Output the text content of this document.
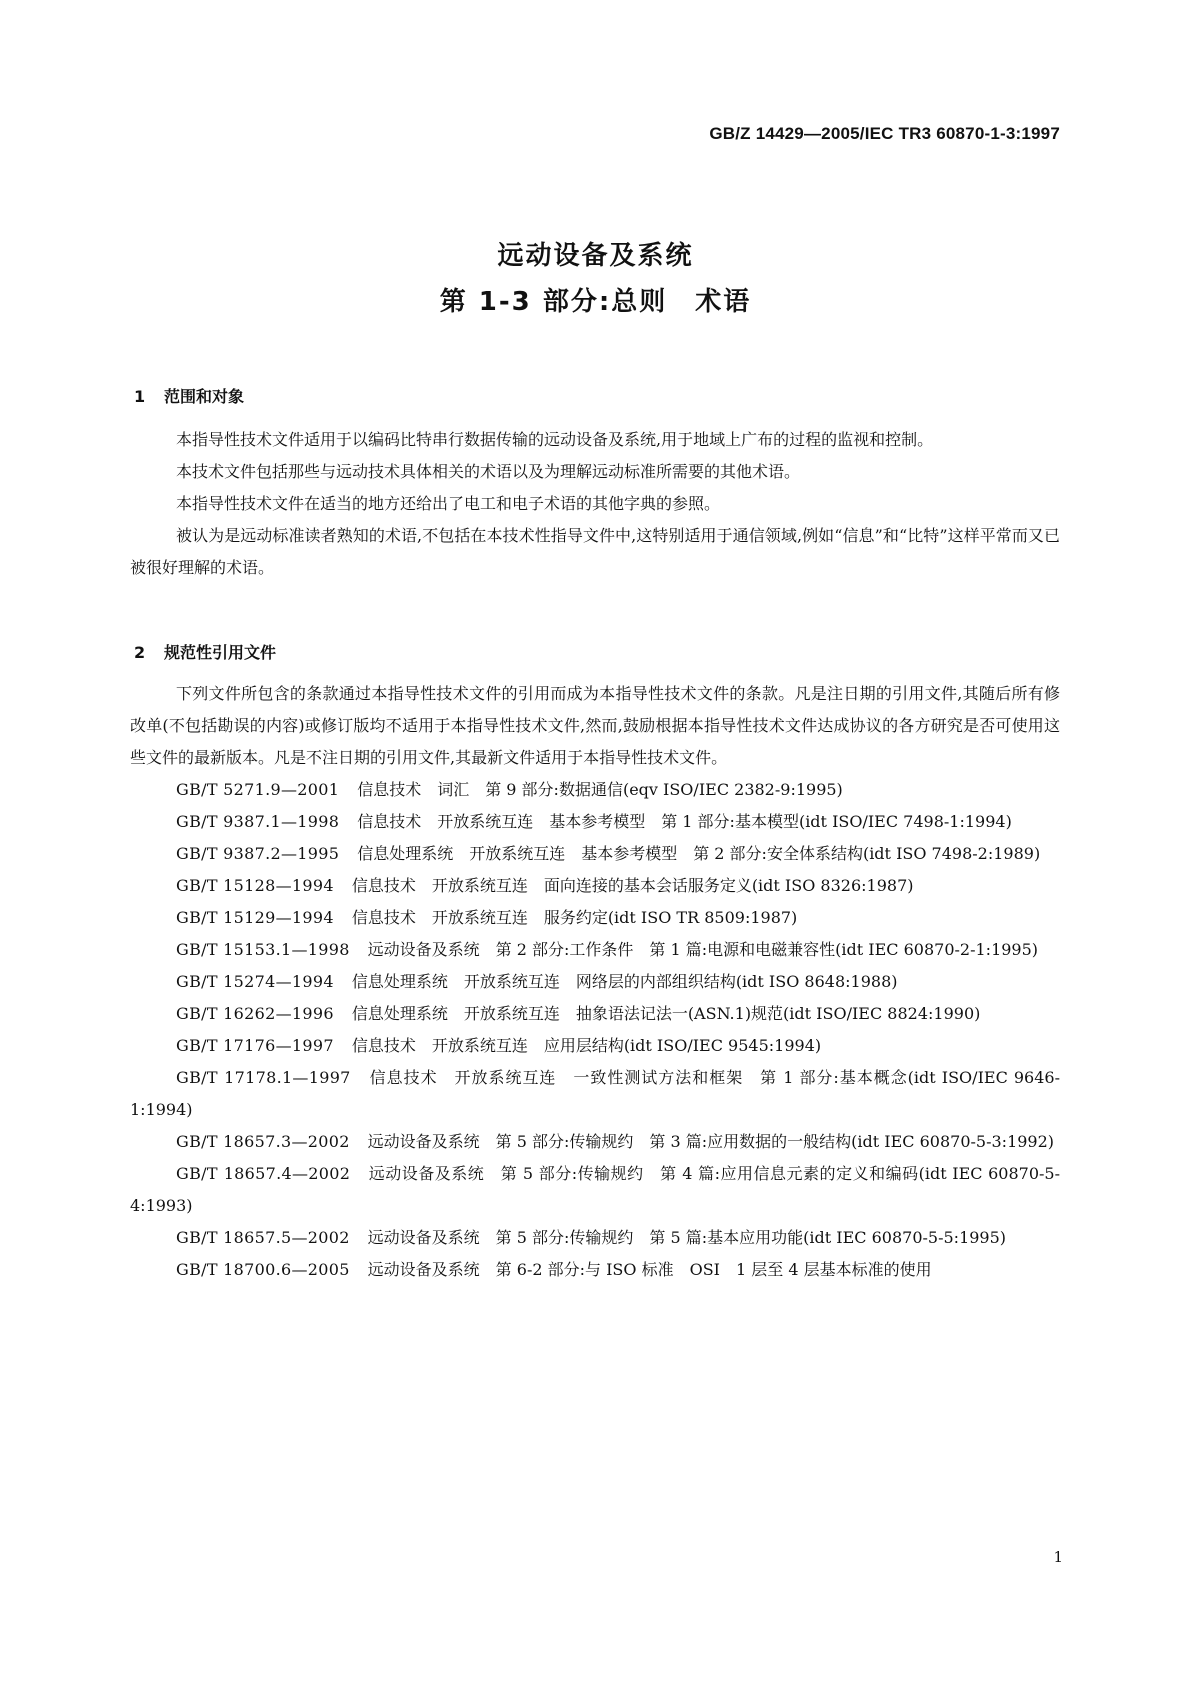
GB/Z 14429—2005/IEC TR3 60870-1-3:1997
远动设备及系统
第 1-3 部分:总则　术语
1 范围和对象

本指导性技术文件适用于以编码比特串行数据传输的远动设备及系统,用于地域上广布的过程的监视和控制。

本技术文件包括那些与远动技术具体相关的术语以及为理解远动标准所需要的其他术语。

本指导性技术文件在适当的地方还给出了电工和电子术语的其他字典的参照。

被认为是远动标准读者熟知的术语,不包括在本技术性指导文件中,这特别适用于通信领域,例如“信息”和“比特”这样平常而又已被很好理解的术语。

2 规范性引用文件

下列文件所包含的条款通过本指导性技术文件的引用而成为本指导性技术文件的条款。凡是注日期的引用文件,其随后所有修改单(不包括勘误的内容)或修订版均不适用于本指导性技术文件,然而,鼓励根据本指导性技术文件达成协议的各方研究是否可使用这些文件的最新版本。凡是不注日期的引用文件,其最新文件适用于本指导性技术文件。

GB/T 5271.9—2001 信息技术　词汇　第 9 部分:数据通信(eqv ISO/IEC 2382-9:1995)

GB/T 9387.1—1998 信息技术　开放系统互连　基本参考模型　第 1 部分:基本模型(idt ISO/IEC 7498-1:1994)

GB/T 9387.2—1995 信息处理系统　开放系统互连　基本参考模型　第 2 部分:安全体系结构(idt ISO 7498-2:1989)

GB/T 15128—1994 信息技术　开放系统互连　面向连接的基本会话服务定义(idt ISO 8326:1987)

GB/T 15129—1994 信息技术　开放系统互连　服务约定(idt ISO TR 8509:1987)

GB/T 15153.1—1998 远动设备及系统　第 2 部分:工作条件　第 1 篇:电源和电磁兼容性(idt IEC 60870-2-1:1995)

GB/T 15274—1994 信息处理系统　开放系统互连　网络层的内部组织结构(idt ISO 8648:1988)

GB/T 16262—1996 信息处理系统　开放系统互连　抽象语法记法一(ASN.1)规范(idt ISO/IEC 8824:1990)

GB/T 17176—1997 信息技术　开放系统互连　应用层结构(idt ISO/IEC 9545:1994)

GB/T 17178.1—1997 信息技术　开放系统互连　一致性测试方法和框架　第 1 部分:基本概念(idt ISO/IEC 9646-1:1994)

GB/T 18657.3—2002 远动设备及系统　第 5 部分:传输规约　第 3 篇:应用数据的一般结构(idt IEC 60870-5-3:1992)

GB/T 18657.4—2002 远动设备及系统　第 5 部分:传输规约　第 4 篇:应用信息元素的定义和编码(idt IEC 60870-5-4:1993)

GB/T 18657.5—2002 远动设备及系统　第 5 部分:传输规约　第 5 篇:基本应用功能(idt IEC 60870-5-5:1995)

GB/T 18700.6—2005 远动设备及系统　第 6-2 部分:与 ISO 标准　OSI　1 层至 4 层基本标准的使用

1
